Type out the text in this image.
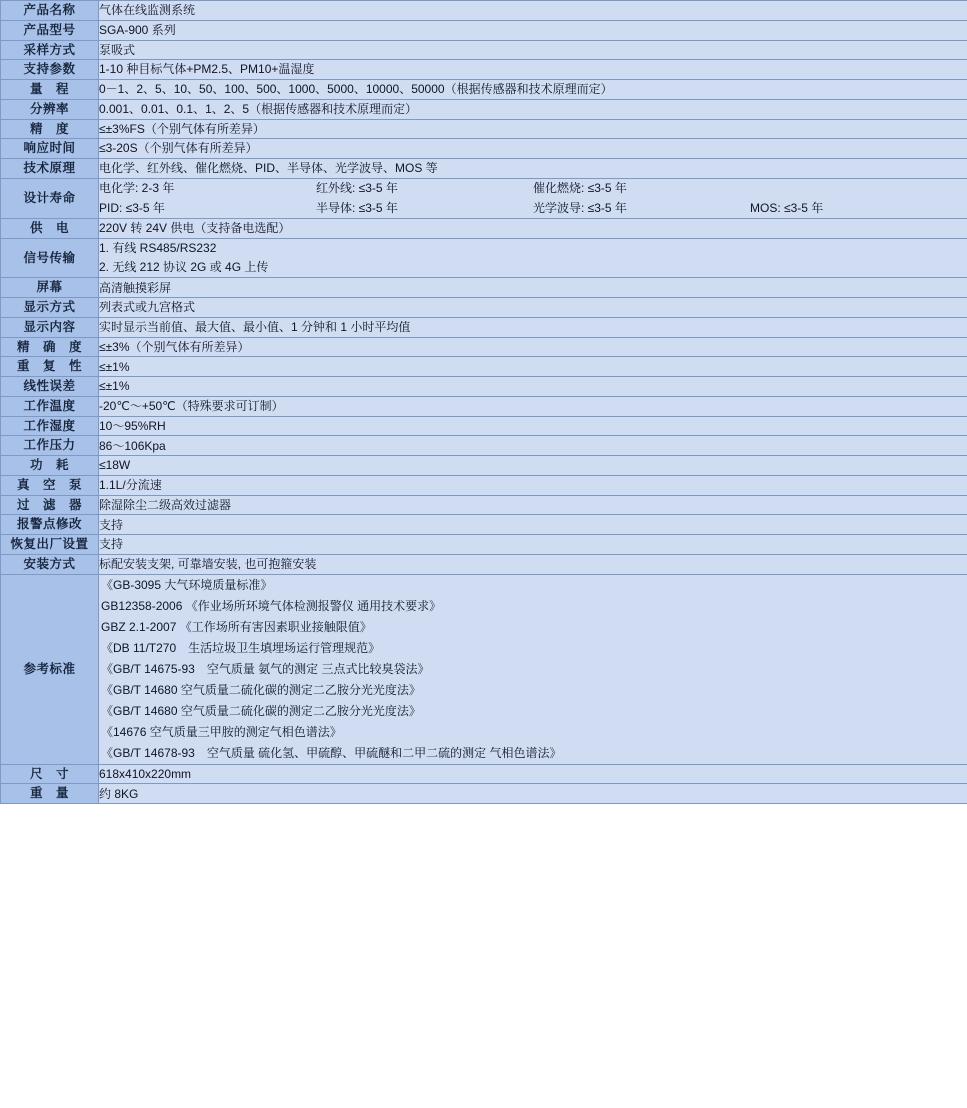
产品名称	气体在线监测系统
产品型号	SGA-900 系列
采样方式	泵吸式
支持参数	1-10 种目标气体+PM2.5、PM10+温湿度
量　程	0－1、2、5、10、50、100、500、1000、5000、10000、50000（根据传感器和技术原理而定）
分辨率	0.001、0.01、0.1、1、2、5（根据传感器和技术原理而定）
精　度	≤±3%FS（个别气体有所差异）
响应时间	≤3-20S（个别气体有所差异）
技术原理	电化学、红外线、催化燃烧、PID、半导体、光学波导、MOS 等
设计寿命	
电化学: 2-3 年	红外线: ≤3-5 年	催化燃烧: ≤3-5 年
PID: ≤3-5 年	半导体: ≤3-5 年	光学波导: ≤3-5 年	MOS: ≤3-5 年

供　电	220V 转 24V 供电（支持备电选配）
信号传输	1. 有线 RS485/RS232
2. 无线 212 协议 2G 或 4G 上传

屏幕	高清触摸彩屏
显示方式	列表式或九宫格式
显示内容	实时显示当前值、最大值、最小值、1 分钟和 1 小时平均值
精　确　度	≤±3%（个别气体有所差异）
重　复　性	≤±1%
线性误差	≤±1%
工作温度	-20℃～+50℃（特殊要求可订制）
工作湿度	10～95%RH
工作压力	86～106Kpa
功　耗	≤18W
真　空　泵	1.1L/分流速
过　滤　器	除湿除尘二级高效过滤器
报警点修改	支持
恢复出厂设置	支持
安装方式	标配安装支架, 可靠墙安装, 也可抱箍安装
参考标准	
《GB-3095 大气环境质量标准》
GB12358-2006 《作业场所环境气体检测报警仪 通用技术要求》
GBZ 2.1-2007 《工作场所有害因素职业接触限值》
《DB 11/T270　生活垃圾卫生填埋场运行管理规范》
《GB/T 14675-93　空气质量 氨气的测定 三点式比较臭袋法》
《GB/T 14680 空气质量二硫化碳的测定二乙胺分光光度法》
《GB/T 14680 空气质量二硫化碳的测定二乙胺分光光度法》
《14676 空气质量三甲胺的测定气相色谱法》
《GB/T 14678-93　空气质量 硫化氢、甲硫醇、甲硫醚和二甲二硫的测定 气相色谱法》

尺　寸	618x410x220mm
重　量	约 8KG
